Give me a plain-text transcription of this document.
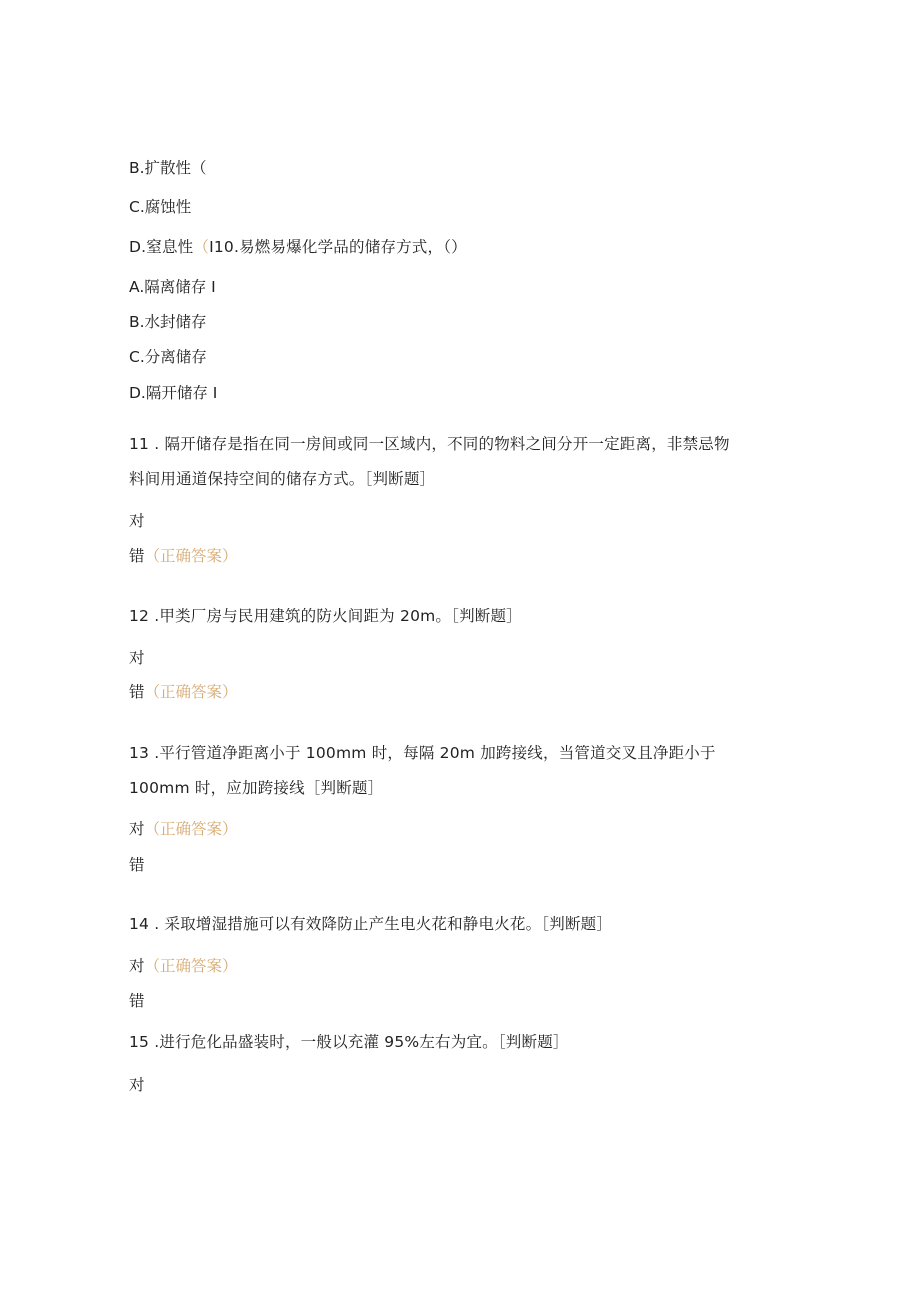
B.扩散性（
C.腐蚀性
D.窒息性（I10.易燃易爆化学品的储存方式，（）
A.隔离储存 I
B.水封储存
C.分离储存
D.隔开储存 I
11 . 隔开储存是指在同一房间或同一区域内，不同的物料之间分开一定距离，非禁忌物
料间用通道保持空间的储存方式。［判断题］
对
错（正确答案）
12 .甲类厂房与民用建筑的防火间距为 20m。［判断题］
对
错（正确答案）
13 .平行管道净距离小于 100mm 时，每隔 20m 加跨接线，当管道交叉且净距小于
100mm 时，应加跨接线［判断题］
对（正确答案）
错
14 . 采取增湿措施可以有效降防止产生电火花和静电火花。［判断题］
对（正确答案）
错
15 .进行危化品盛装时，一般以充灌 95%左右为宜。［判断题］
对
